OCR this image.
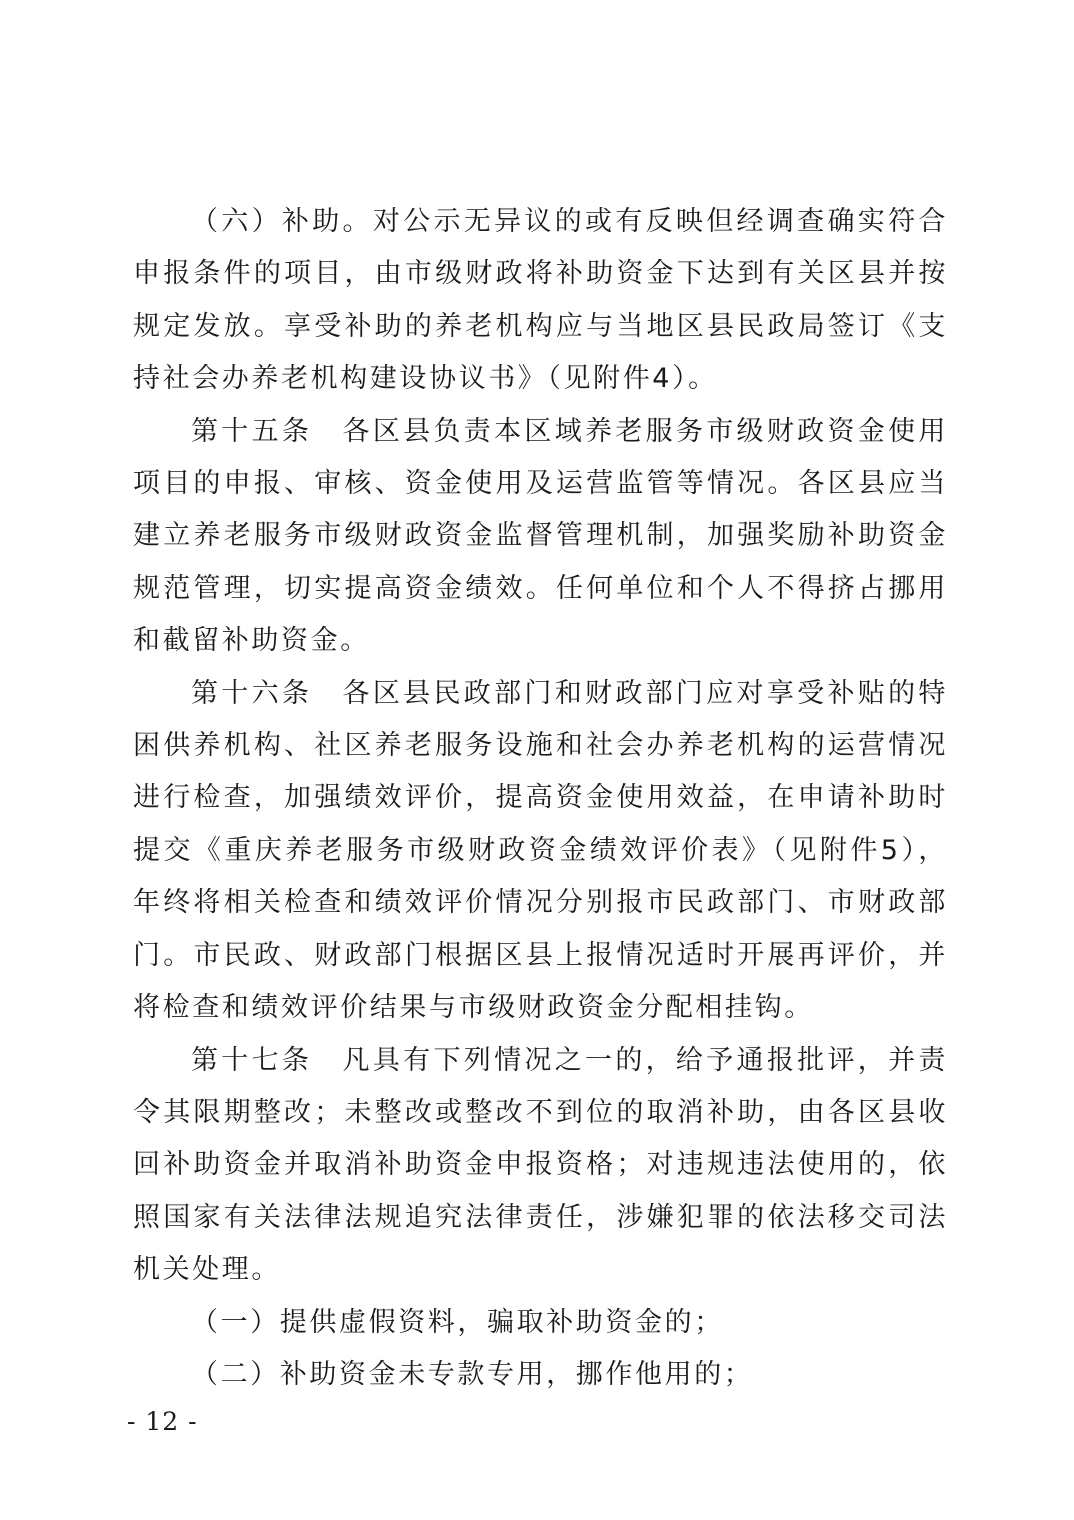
（六）补助。对公示无异议的或有反映但经调查确实符合申报条件的项目，由市级财政将补助资金下达到有关区县并按规定发放。享受补助的养老机构应与当地区县民政局签订《支持社会办养老机构建设协议书》（见附件4）。

第十五条　各区县负责本区域养老服务市级财政资金使用项目的申报、审核、资金使用及运营监管等情况。各区县应当建立养老服务市级财政资金监督管理机制，加强奖励补助资金规范管理，切实提高资金绩效。任何单位和个人不得挤占挪用和截留补助资金。

第十六条　各区县民政部门和财政部门应对享受补贴的特困供养机构、社区养老服务设施和社会办养老机构的运营情况进行检查，加强绩效评价，提高资金使用效益，在申请补助时提交《重庆养老服务市级财政资金绩效评价表》（见附件5），年终将相关检查和绩效评价情况分别报市民政部门、市财政部门。市民政、财政部门根据区县上报情况适时开展再评价，并将检查和绩效评价结果与市级财政资金分配相挂钩。

第十七条　凡具有下列情况之一的，给予通报批评，并责令其限期整改；未整改或整改不到位的取消补助，由各区县收回补助资金并取消补助资金申报资格；对违规违法使用的，依照国家有关法律法规追究法律责任，涉嫌犯罪的依法移交司法机关处理。

（一）提供虚假资料，骗取补助资金的；

（二）补助资金未专款专用，挪作他用的；

- 12 -
